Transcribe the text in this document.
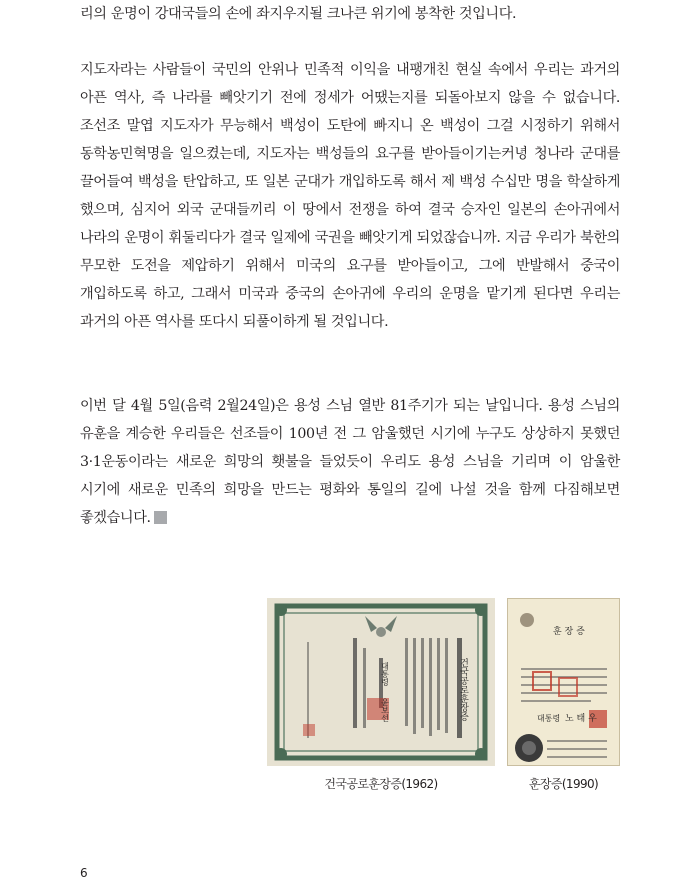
리의 운명이 강대국들의 손에 좌지우지될 크나큰 위기에 봉착한 것입니다.

지도자라는 사람들이 국민의 안위나 민족적 이익을 내팽개친 현실 속에서 우리는 과거의 아픈 역사, 즉 나라를 빼앗기기 전에 정세가 어땠는지를 되돌아보지 않을 수 없습니다. 조선조 말엽 지도자가 무능해서 백성이 도탄에 빠지니 온 백성이 그걸 시정하기 위해서 동학농민혁명을 일으켰는데, 지도자는 백성들의 요구를 받아들이기는커녕 청나라 군대를 끌어들여 백성을 탄압하고, 또 일본 군대가 개입하도록 해서 제 백성 수십만 명을 학살하게 했으며, 심지어 외국 군대들끼리 이 땅에서 전쟁을 하여 결국 승자인 일본의 손아귀에서 나라의 운명이 휘둘리다가 결국 일제에 국권을 빼앗기게 되었잖습니까. 지금 우리가 북한의 무모한 도전을 제압하기 위해서 미국의 요구를 받아들이고, 그에 반발해서 중국이 개입하도록 하고, 그래서 미국과 중국의 손아귀에 우리의 운명을 맡기게 된다면 우리는 과거의 아픈 역사를 또다시 되풀이하게 될 것입니다.

이번 달 4월 5일(음력 2월24일)은 용성 스님 열반 81주기가 되는 날입니다. 용성 스님의 유훈을 계승한 우리들은 선조들이 100년 전 그 암울했던 시기에 누구도 상상하지 못했던 3·1운동이라는 새로운 희망의 횃불을 들었듯이 우리도 용성 스님을 기리며 이 암울한 시기에 새로운 민족의 희망을 만드는 평화와 통일의 길에 나설 것을 함께 다짐해보면 좋겠습니다.

건국공로훈장증
대통령
윤보선
훈 장 증
대통령 노 태 우
건국공로훈장증(1962)	훈장증(1990)
6
